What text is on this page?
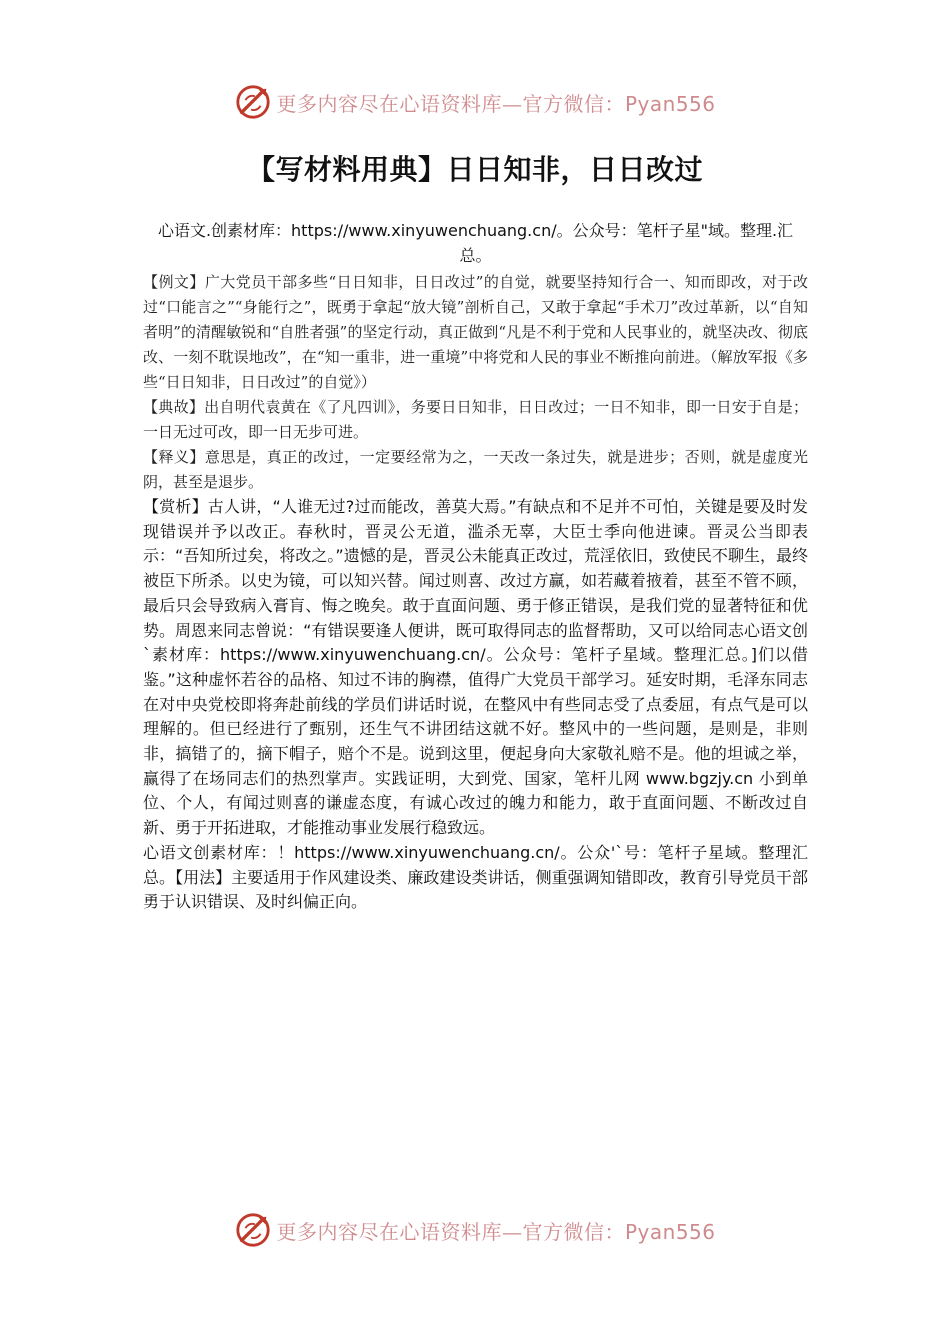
更多内容尽在心语资料库—官方微信：Pyan556
【写材料用典】日日知非，日日改过

心语文.创素材库：https://www.xinyuwenchuang.cn/。公众号：笔杆子星"域。整理.汇总。

【例文】广大党员干部多些“日日知非，日日改过”的自觉，就要坚持知行合一、知而即改，对于改过“口能言之”“身能行之”，既勇于拿起“放大镜”剖析自己，又敢于拿起“手术刀”改过革新，以“自知者明”的清醒敏锐和“自胜者强”的坚定行动，真正做到“凡是不利于党和人民事业的，就坚决改、彻底改、一刻不耽误地改”，在“知一重非，进一重境”中将党和人民的事业不断推向前进。（解放军报《多些“日日知非，日日改过”的自觉》）

【典故】出自明代袁黄在《了凡四训》，务要日日知非，日日改过；一日不知非，即一日安于自是；一日无过可改，即一日无步可进。

【释义】意思是，真正的改过，一定要经常为之，一天改一条过失，就是进步；否则，就是虚度光阴，甚至是退步。

【赏析】古人讲，“人谁无过?过而能改，善莫大焉。”有缺点和不足并不可怕，关键是要及时发现错误并予以改正。春秋时，晋灵公无道，滥杀无辜，大臣士季向他进谏。晋灵公当即表示：“吾知所过矣，将改之。”遗憾的是，晋灵公未能真正改过，荒淫依旧，致使民不聊生，最终被臣下所杀。以史为镜，可以知兴替。闻过则喜、改过方赢，如若藏着掖着，甚至不管不顾，最后只会导致病入膏肓、悔之晚矣。敢于直面问题、勇于修正错误，是我们党的显著特征和优势。周恩来同志曾说：“有错误要逢人便讲，既可取得同志的监督帮助，又可以给同志心语文创`素材库：https://www.xinyuwenchuang.cn/。公众号：笔杆子星域。整理汇总。]们以借鉴。”这种虚怀若谷的品格、知过不讳的胸襟，值得广大党员干部学习。延安时期，毛泽东同志在对中央党校即将奔赴前线的学员们讲话时说，在整风中有些同志受了点委屈，有点气是可以理解的。但已经进行了甄别，还生气不讲团结这就不好。整风中的一些问题，是则是，非则非，搞错了的，摘下帽子，赔个不是。说到这里，便起身向大家敬礼赔不是。他的坦诚之举，赢得了在场同志们的热烈掌声。实践证明，大到党、国家，笔杆儿网 www.bgzjy.cn 小到单位、个人，有闻过则喜的谦虚态度，有诚心改过的魄力和能力，敢于直面问题、不断改过自新、勇于开拓进取，才能推动事业发展行稳致远。

心语文创素材库：！https://www.xinyuwenchuang.cn/。公众'`号：笔杆子星域。整理汇总。【用法】主要适用于作风建设类、廉政建设类讲话，侧重强调知错即改，教育引导党员干部勇于认识错误、及时纠偏正向。

更多内容尽在心语资料库—官方微信：Pyan556
